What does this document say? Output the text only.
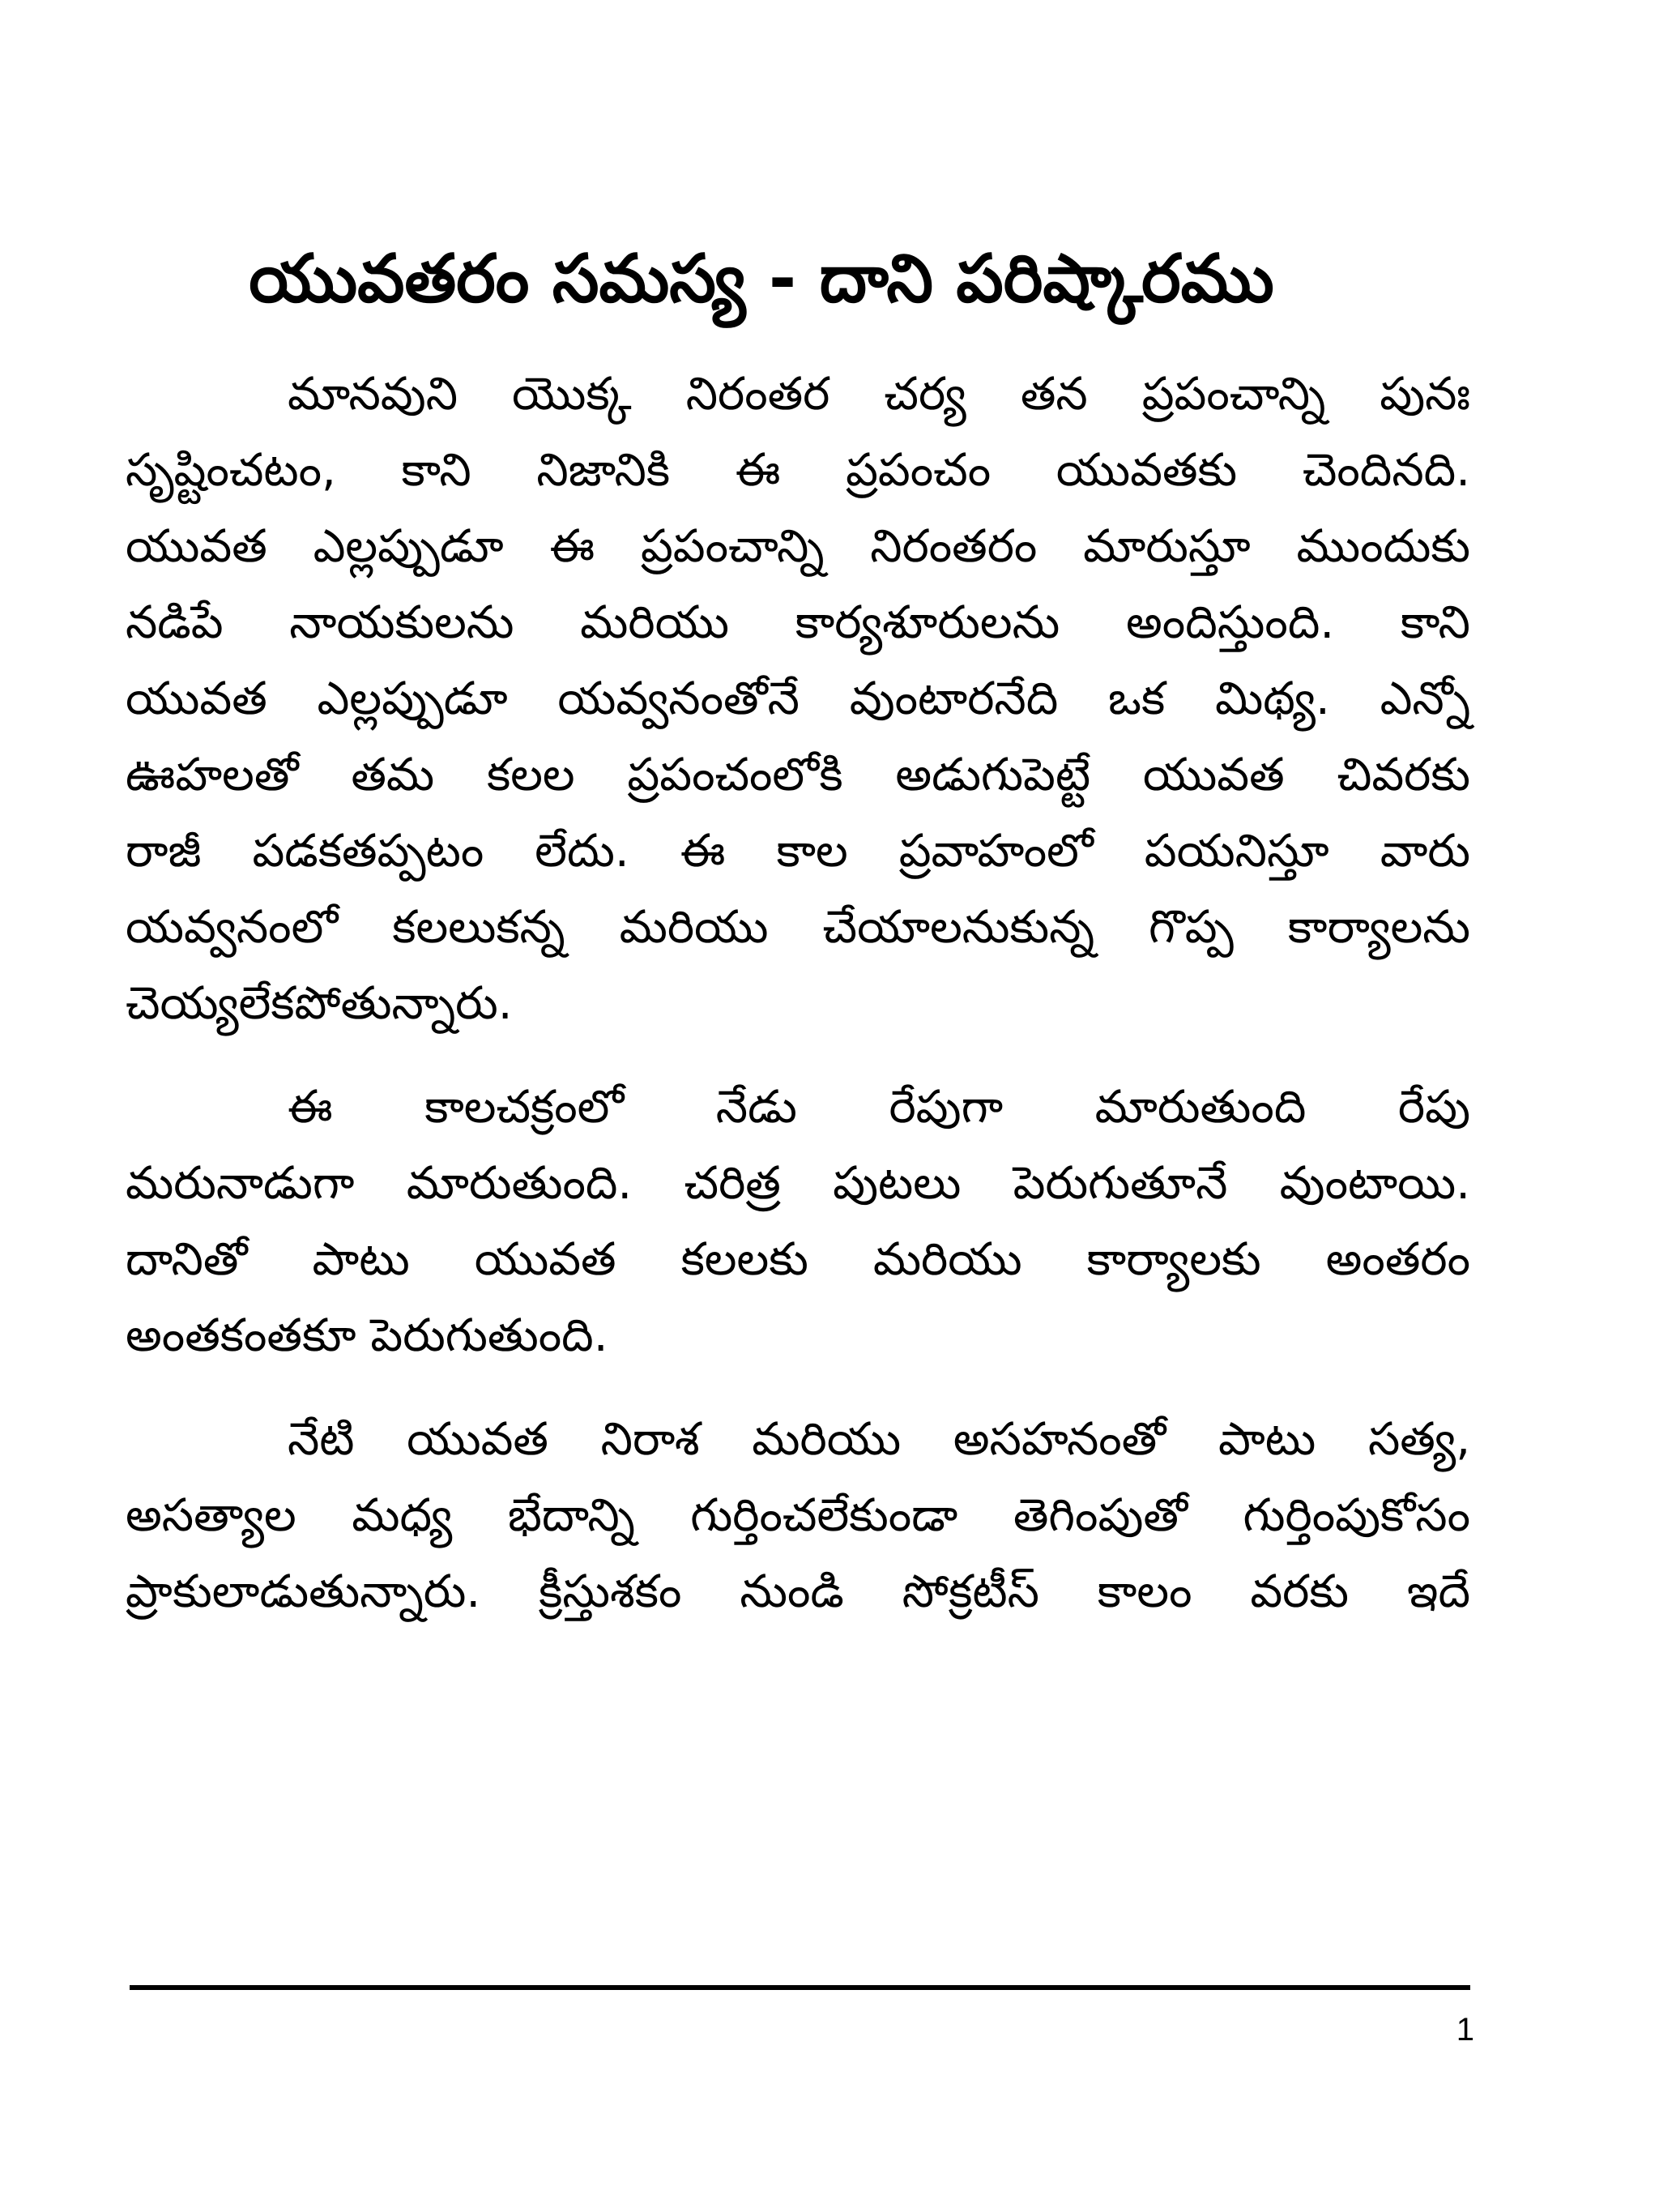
యువతరం సమస్య - దాని పరిష్కారము
మానవుని యొక్క నిరంతర చర్య తన ప్రపంచాన్ని పునః
సృష్టించటం, కాని నిజానికి ఈ ప్రపంచం యువతకు చెందినది.
యువత ఎల్లప్పుడూ ఈ ప్రపంచాన్ని నిరంతరం మారుస్తూ ముందుకు
నడిపే నాయకులను మరియు కార్యశూరులను అందిస్తుంది. కాని
యువత ఎల్లప్పుడూ యవ్వనంతోనే వుంటారనేది ఒక మిథ్య. ఎన్నో
ఊహలతో తమ కలల ప్రపంచంలోకి అడుగుపెట్టే యువత చివరకు
రాజీ పడకతప్పటం లేదు. ఈ కాల ప్రవాహంలో పయనిస్తూ వారు
యవ్వనంలో కలలుకన్న మరియు చేయాలనుకున్న గొప్ప కార్యాలను
చెయ్యలేకపోతున్నారు.
ఈ కాలచక్రంలో నేడు రేపుగా మారుతుంది రేపు
మరునాడుగా మారుతుంది. చరిత్ర పుటలు పెరుగుతూనే వుంటాయి.
దానితో పాటు యువత కలలకు మరియు కార్యాలకు అంతరం
అంతకంతకూ పెరుగుతుంది.
నేటి యువత నిరాశ మరియు అసహనంతో పాటు సత్య,
అసత్యాల మధ్య భేదాన్ని గుర్తించలేకుండా తెగింపుతో గుర్తింపుకోసం
ప్రాకులాడుతున్నారు. క్రీస్తుశకం నుండి సోక్రటీస్ కాలం వరకు ఇదే
1
